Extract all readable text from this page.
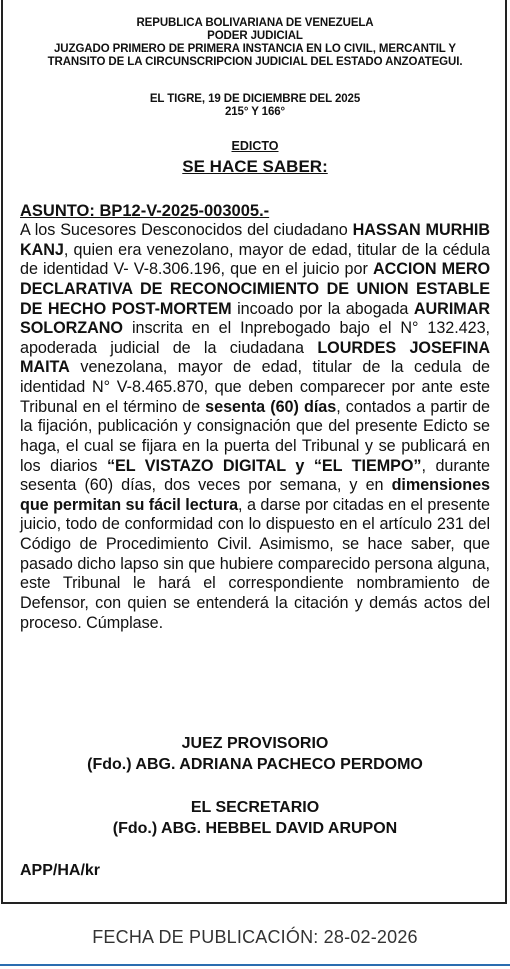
REPUBLICA BOLIVARIANA DE VENEZUELA
PODER JUDICIAL
JUZGADO PRIMERO DE PRIMERA INSTANCIA EN LO CIVIL, MERCANTIL Y
TRANSITO DE LA CIRCUNSCRIPCION JUDICIAL DEL ESTADO ANZOATEGUI.
EL TIGRE, 19 DE DICIEMBRE DEL 2025
215° Y 166°
EDICTO
SE HACE SABER:
ASUNTO: BP12-V-2025-003005.-
A los Sucesores Desconocidos del ciudadano HASSAN MURHIB KANJ, quien era venezolano, mayor de edad, titular de la cédula de identidad V- V-8.306.196, que en el juicio por ACCION MERO DECLARATIVA DE RECONOCIMIENTO DE UNION ESTABLE DE HECHO POST-MORTEM incoado por la abogada AURIMAR SOLORZANO inscrita en el Inprebogado bajo el N° 132.423, apoderada judicial de la ciudadana LOURDES JOSEFINA MAITA venezolana, mayor de edad, titular de la cedula de identidad N° V-8.465.870, que deben comparecer por ante este Tribunal en el término de sesenta (60) días, contados a partir de la fijación, publicación y consignación que del presente Edicto se haga, el cual se fijara en la puerta del Tribunal y se publicará en los diarios “EL VISTAZO DIGITAL y “EL TIEMPO”, durante sesenta (60) días, dos veces por semana, y en dimensiones que permitan su fácil lectura, a darse por citadas en el presente juicio, todo de conformidad con lo dispuesto en el artículo 231 del Código de Procedimiento Civil. Asimismo, se hace saber, que pasado dicho lapso sin que hubiere comparecido persona alguna, este Tribunal le hará el correspondiente nombramiento de Defensor, con quien se entenderá la citación y demás actos del proceso. Cúmplase.
JUEZ PROVISORIO
(Fdo.) ABG. ADRIANA PACHECO PERDOMO
EL SECRETARIO
(Fdo.) ABG. HEBBEL DAVID ARUPON
APP/HA/kr
FECHA DE PUBLICACIÓN: 28-02-2026
